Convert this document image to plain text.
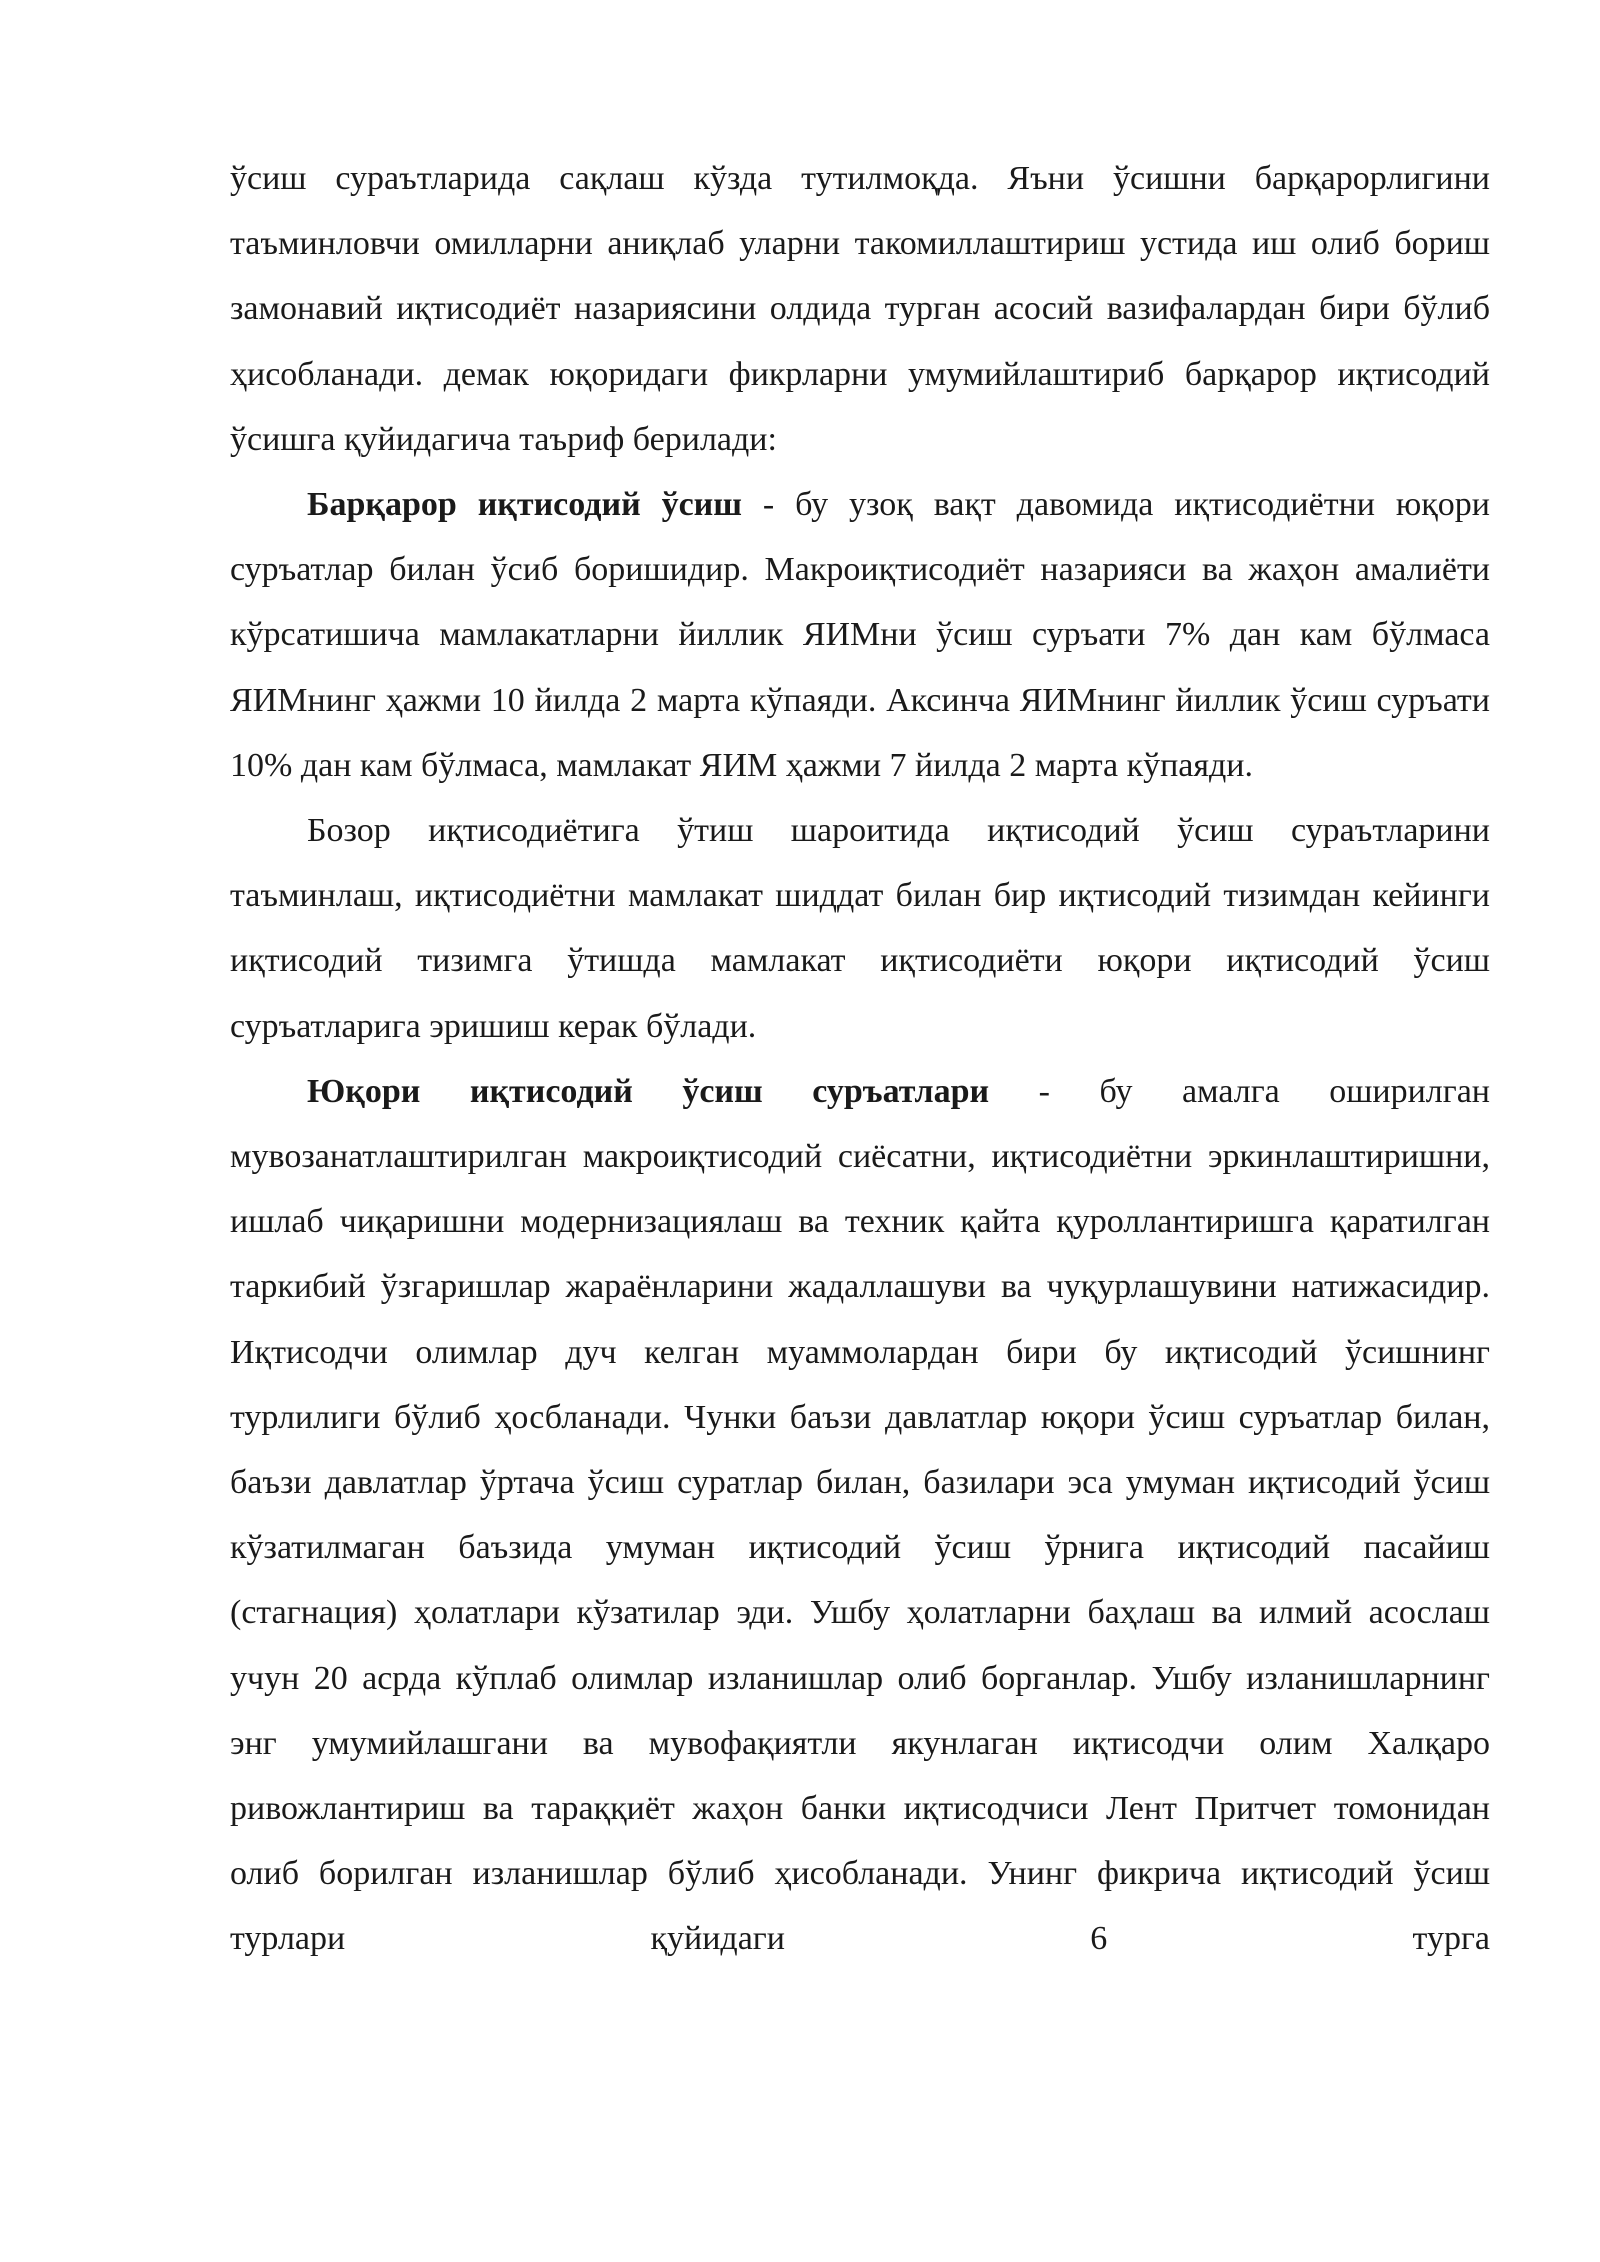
ўсиш сураътларида сақлаш кўзда тутилмоқда. Яъни ўсишни барқарорлигини таъминловчи омилларни аниқлаб уларни такомиллаштириш устида иш олиб бориш замонавий иқтисодиёт назариясини олдида турган асосий вазифалардан бири бўлиб ҳисобланади. демак юқоридаги фикрларни умумийлаштириб барқарор иқтисодий ўсишга қуйидагича таъриф берилади:

Барқарор иқтисодий ўсиш - бу узоқ вақт давомида иқтисодиётни юқори суръатлар билан ўсиб боришидир. Макроиқтисодиёт назарияси ва жаҳон амалиёти кўрсатишича мамлакатларни йиллик ЯИМни ўсиш суръати 7% дан кам бўлмаса ЯИМнинг ҳажми 10 йилда 2 марта кўпаяди. Аксинча ЯИМнинг йиллик ўсиш суръати 10% дан кам бўлмаса, мамлакат ЯИМ ҳажми 7 йилда 2 марта кўпаяди.

Бозор иқтисодиётига ўтиш шароитида иқтисодий ўсиш сураътларини таъминлаш, иқтисодиётни мамлакат шиддат билан бир иқтисодий тизимдан кейинги иқтисодий тизимга ўтишда мамлакат иқтисодиёти юқори иқтисодий ўсиш суръатларига эришиш керак бўлади.

Юқори иқтисодий ўсиш суръатлари - бу амалга оширилган мувозанатлаштирилган макроиқтисодий сиёсатни, иқтисодиётни эркинлаштиришни, ишлаб чиқаришни модернизациялаш ва техник қайта қуроллантиришга қаратилган таркибий ўзгаришлар жараёнларини жадаллашуви ва чуқурлашувини натижасидир. Иқтисодчи олимлар дуч келган муаммолардан бири бу иқтисодий ўсишнинг турлилиги бўлиб ҳосбланади. Чунки баъзи давлатлар юқори ўсиш суръатлар билан, баъзи давлатлар ўртача ўсиш суратлар билан, базилари эса умуман иқтисодий ўсиш кўзатилмаган баъзида умуман иқтисодий ўсиш ўрнига иқтисодий пасайиш (стагнация) ҳолатлари кўзатилар эди. Ушбу ҳолатларни баҳлаш ва илмий асослаш учун 20 асрда кўплаб олимлар изланишлар олиб борганлар. Ушбу изланишларнинг энг умумийлашгани ва мувофақиятли якунлаган иқтисодчи олим Халқаро ривожлантириш ва тараққиёт жаҳон банки иқтисодчиси Лент Притчет томонидан олиб борилган изланишлар бўлиб ҳисобланади. Унинг фикрича иқтисодий ўсиш турлари қуйидаги 6 турга
